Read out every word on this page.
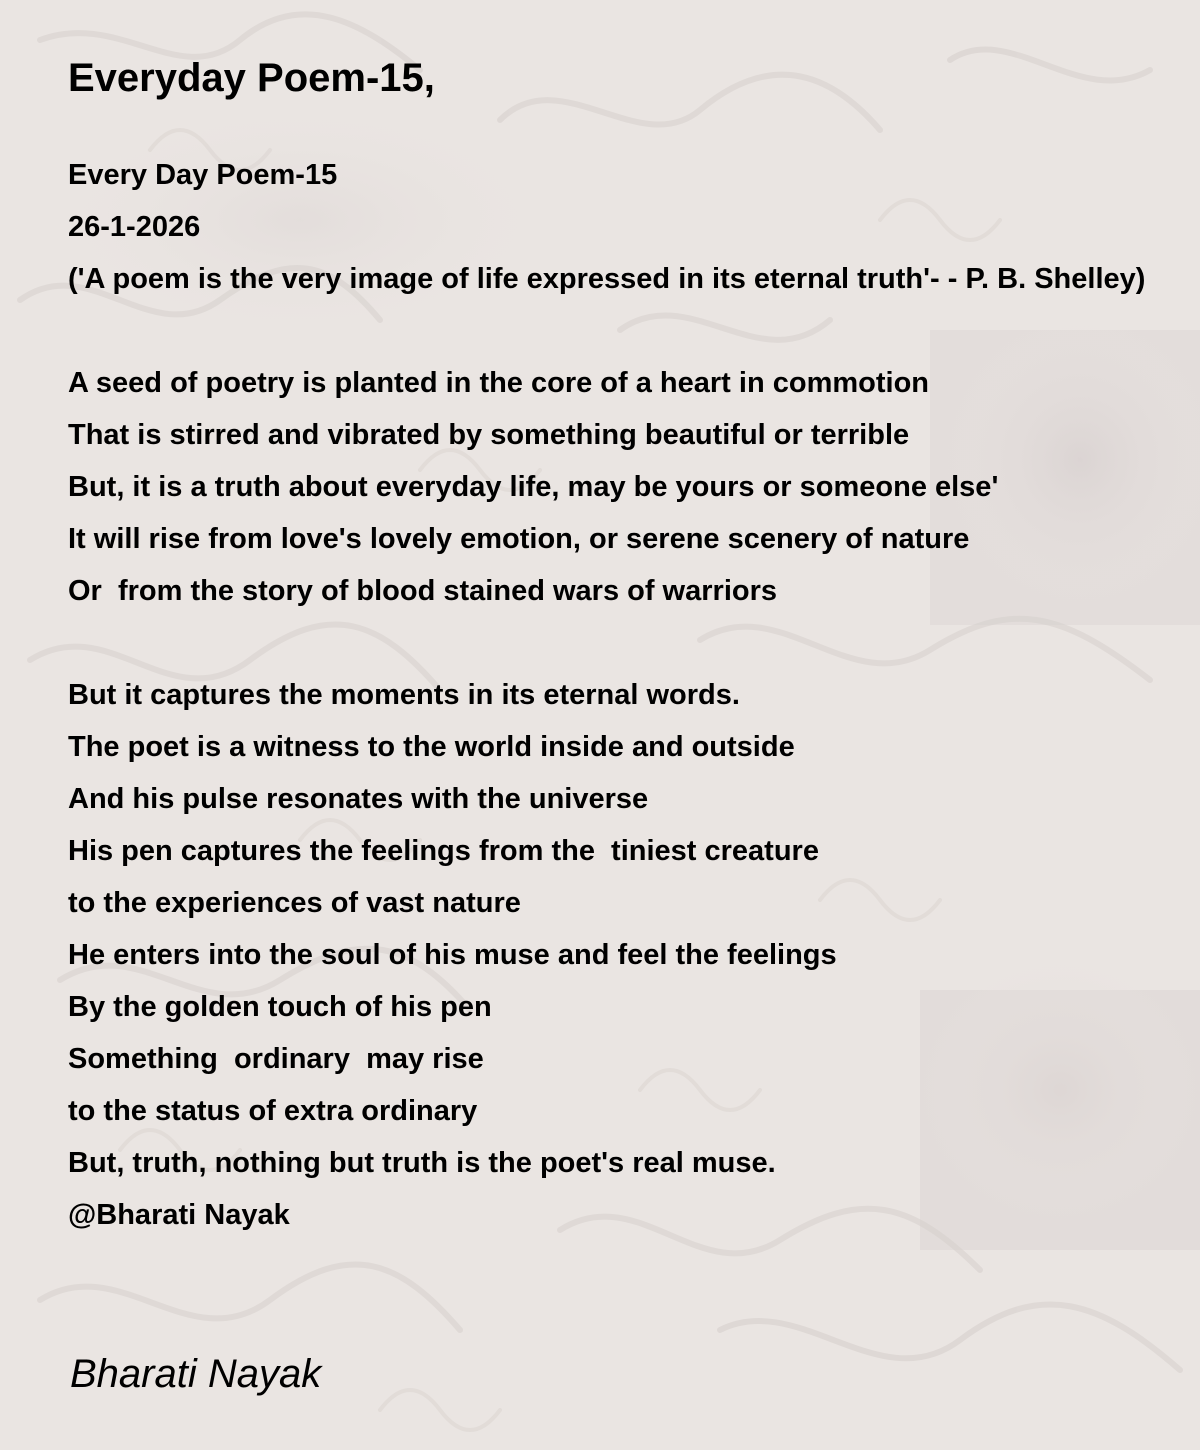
Everyday Poem-15,
Every Day Poem-15
26-1-2026
('A poem is the very image of life expressed in its eternal truth'- - P. B. Shelley)
A seed of poetry is planted in the core of a heart in commotion
That is stirred and vibrated by something beautiful or terrible
But, it is a truth about everyday life, may be yours or someone else'
It will rise from love's lovely emotion, or serene scenery of nature
Or  from the story of blood stained wars of warriors
But it captures the moments in its eternal words.
The poet is a witness to the world inside and outside
And his pulse resonates with the universe
His pen captures the feelings from the  tiniest creature
to the experiences of vast nature
He enters into the soul of his muse and feel the feelings
By the golden touch of his pen
Something  ordinary  may rise
to the status of extra ordinary
But, truth, nothing but truth is the poet's real muse.
@Bharati Nayak
Bharati Nayak
